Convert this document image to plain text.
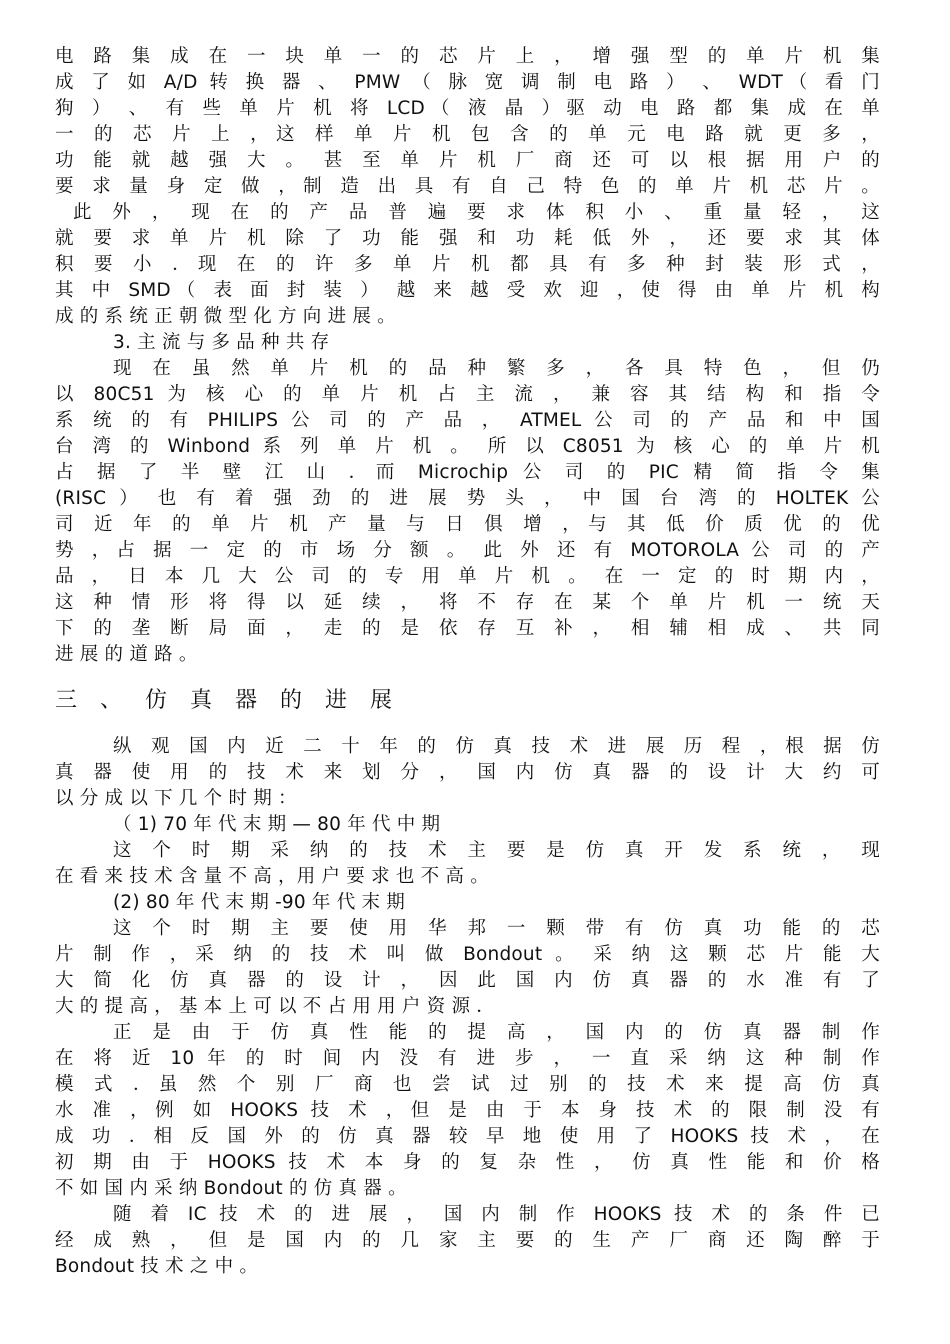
电 路 集 成 在 一 块 单 一 的 芯 片 上 ， 增 强 型 的 单 片 机 集
成 了 如 A/D 转 换 器 、 PMW （ 脉 宽 调 制 电 路 ） 、 WDT（ 看 门
狗 ） 、 有 些 单 片 机 将 LCD（ 液 晶 ）驱 动 电 路 都 集 成 在 单
一 的 芯 片 上 ，这 样 单 片 机 包 含 的 单 元 电 路 就 更 多 ，
功 能 就 越 强 大 。 甚 至 单 片 机 厂 商 还 可 以 根 据 用 户 的
要 求 量 身 定 做 ，制 造 出 具 有 自 己 特 色 的 单 片 机 芯 片 。
此 外 ， 现 在 的 产 品 普 遍 要 求 体 积 小 、 重 量 轻 ， 这
就 要 求 单 片 机 除 了 功 能 强 和 功 耗 低 外 ， 还 要 求 其 体
积 要 小 ．现 在 的 许 多 单 片 机 都 具 有 多 种 封 装 形 式 ，
其 中 SMD（ 表 面 封 装 ） 越 来 越 受 欢 迎 ，使 得 由 单 片 机 构
成 的 系 统 正 朝 微 型 化 方 向 进 展 。
3. 主 流 与 多 品 种 共 存
现 在 虽 然 单 片 机 的 品 种 繁 多 ， 各 具 特 色 ， 但 仍
以 80C51 为 核 心 的 单 片 机 占 主 流 ， 兼 容 其 结 构 和 指 令
系 统 的 有 PHILIPS 公 司 的 产 品 ， ATMEL 公 司 的 产 品 和 中 国
台 湾 的 Winbond 系 列 单 片 机 。 所 以 C8051 为 核 心 的 单 片 机
占 据 了 半 壁 江 山 ．而 Microchip 公 司 的 PIC 精 简 指 令 集
(RISC ） 也 有 着 强 劲 的 进 展 势 头 ， 中 国 台 湾 的 HOLTEK 公
司 近 年 的 单 片 机 产 量 与 日 俱 增 ，与 其 低 价 质 优 的 优
势 ，占 据 一 定 的 市 场 分 额 。 此 外 还 有 MOTOROLA 公 司 的 产
品 ， 日 本 几 大 公 司 的 专 用 单 片 机 。 在 一 定 的 时 期 内 ，
这 种 情 形 将 得 以 延 续 ， 将 不 存 在 某 个 单 片 机 一 统 天
下 的 垄 断 局 面 ， 走 的 是 依 存 互 补 ， 相 辅 相 成 、 共 同
进 展 的 道 路 。
三 、 仿 真 器 的 进 展
纵 观 国 内 近 二 十 年 的 仿 真 技 术 进 展 历 程 ，根 据 仿
真 器 使 用 的 技 术 来 划 分 ， 国 内 仿 真 器 的 设 计 大 约 可
以 分 成 以 下 几 个 时 期 ：
（ 1) 70 年 代 末 期 — 80 年 代 中 期
这 个 时 期 采 纳 的 技 术 主 要 是 仿 真 开 发 系 统 ， 现
在 看 来 技 术 含 量 不 高 ，用 户 要 求 也 不 高 。
(2) 80 年 代 末 期 -90 年 代 末 期
这 个 时 期 主 要 使 用 华 邦 一 颗 带 有 仿 真 功 能 的 芯
片 制 作 ，采 纳 的 技 术 叫 做 Bondout 。 采 纳 这 颗 芯 片 能 大
大 简 化 仿 真 器 的 设 计 ， 因 此 国 内 仿 真 器 的 水 准 有 了
大 的 提 高 ， 基 本 上 可 以 不 占 用 用 户 资 源 ．
正 是 由 于 仿 真 性 能 的 提 高 ， 国 内 的 仿 真 器 制 作
在 将 近 10 年 的 时 间 内 没 有 进 步 ， 一 直 采 纳 这 种 制 作
模 式 ．虽 然 个 别 厂 商 也 尝 试 过 别 的 技 术 来 提 高 仿 真
水 准 ，例 如 HOOKS 技 术 ，但 是 由 于 本 身 技 术 的 限 制 没 有
成 功 ．相 反 国 外 的 仿 真 器 较 早 地 使 用 了 HOOKS 技 术 ， 在
初 期 由 于 HOOKS 技 术 本 身 的 复 杂 性 ， 仿 真 性 能 和 价 格
不 如 国 内 采 纳 Bondout 的 仿 真 器 。
随 着 IC 技 术 的 进 展 ， 国 内 制 作 HOOKS 技 术 的 条 件 已
经 成 熟 ， 但 是 国 内 的 几 家 主 要 的 生 产 厂 商 还 陶 醉 于
Bondout 技 术 之 中 。
